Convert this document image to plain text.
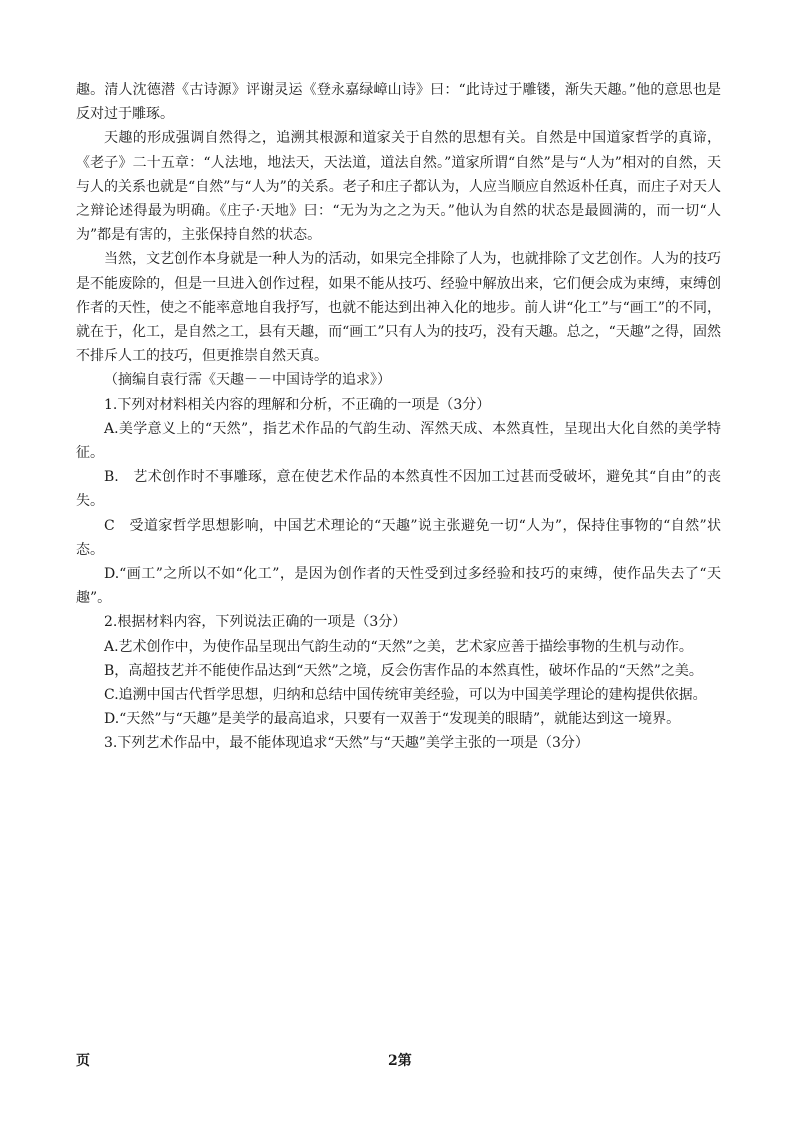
趣。清人沈德潜《古诗源》评谢灵运《登永嘉绿嶂山诗》曰：“此诗过于雕镂，渐失天趣。”他的意思也是反对过于雕琢。

天趣的形成强调自然得之，追溯其根源和道家关于自然的思想有关。自然是中国道家哲学的真谛，《老子》二十五章：“人法地，地法天，天法道，道法自然。”道家所谓“自然”是与“人为”相对的自然，天与人的关系也就是“自然”与“人为”的关系。老子和庄子都认为，人应当顺应自然返朴任真，而庄子对天人之辩论述得最为明确。《庄子·天地》曰：“无为为之之为天。”他认为自然的状态是最圆满的，而一切“人为”都是有害的，主张保持自然的状态。

当然，文艺创作本身就是一种人为的活动，如果完全排除了人为，也就排除了文艺创作。人为的技巧是不能废除的，但是一旦进入创作过程，如果不能从技巧、经验中解放出来，它们便会成为束缚，束缚创作者的天性，使之不能率意地自我抒写，也就不能达到出神入化的地步。前人讲“化工”与“画工”的不同，就在于，化工，是自然之工，县有天趣，而“画工”只有人为的技巧，没有天趣。总之，“天趣”之得，固然不排斥人工的技巧，但更推崇自然天真。

（摘编自袁行霈《天趣－－中国诗学的追求》）

1.下列对材料相关内容的理解和分析，不正确的一项是（3分）

A.美学意义上的“天然”，指艺术作品的气韵生动、浑然天成、本然真性，呈现出大化自然的美学特征。

B.　艺术创作时不事雕琢，意在使艺术作品的本然真性不因加工过甚而受破坏，避免其“自由”的丧失。

C　受道家哲学思想影响，中国艺术理论的“天趣”说主张避免一切“人为”，保持住事物的“自然”状态。

D.“画工”之所以不如“化工”，是因为创作者的天性受到过多经验和技巧的束缚，使作品失去了“天趣”。

2.根据材料内容，下列说法正确的一项是（3分）

A.艺术创作中，为使作品呈现出气韵生动的“天然”之美，艺术家应善于描绘事物的生机与动作。

B，高超技艺并不能使作品达到“天然”之境，反会伤害作品的本然真性，破坏作品的“天然”之美。

C.追溯中国古代哲学思想，归纳和总结中国传统审美经验，可以为中国美学理论的建构提供依据。

D.“天然”与“天趣”是美学的最高追求，只要有一双善于“发现美的眼睛”，就能达到这一境界。

3.下列艺术作品中，最不能体现追求“天然”与“天趣”美学主张的一项是（3分）

页	2第
